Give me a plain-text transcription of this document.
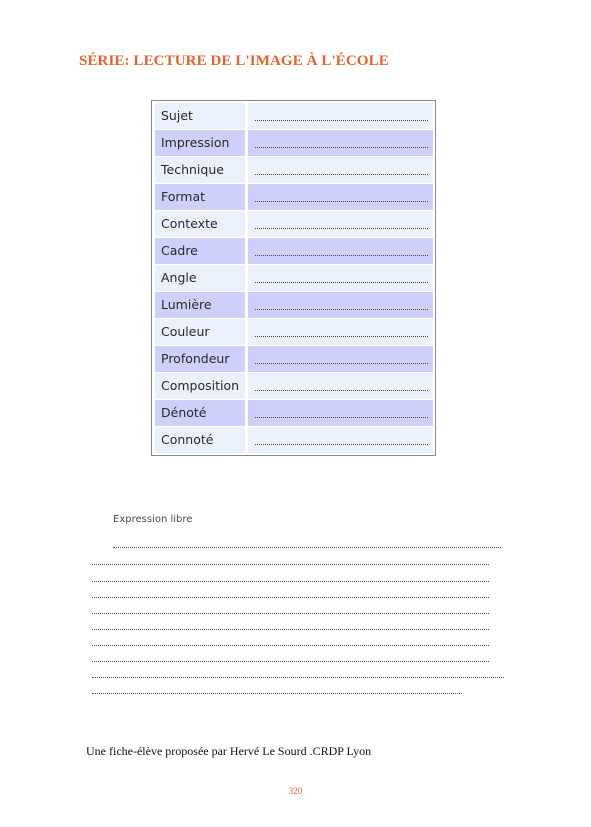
SÉRIE: LECTURE DE L'IMAGE À L'ÉCOLE
Sujet
Impression
Technique
Format
Contexte
Cadre
Angle
Lumière
Couleur
Profondeur
Composition
Dénoté
Connoté
Expression libre
Une fiche-élève proposée par Hervé Le Sourd .CRDP Lyon
320
